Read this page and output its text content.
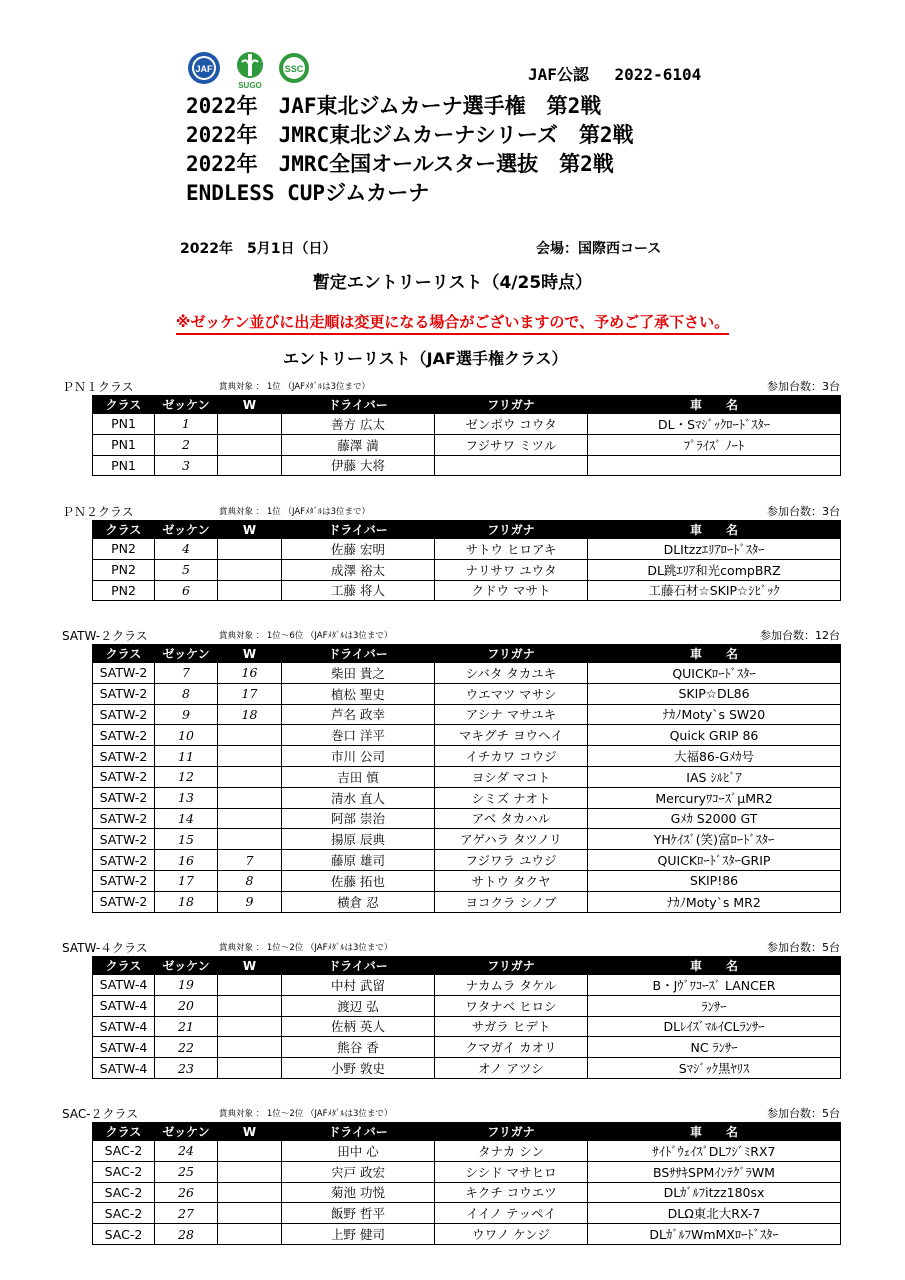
JAF
SUGO
SSC	JAF公認　 2022-6104
2022年　JAF東北ジムカーナ選手権　第2戦
2022年　JMRC東北ジムカーナシリーズ　第2戦
2022年　JMRC全国オールスター選抜　第2戦
ENDLESS CUPジムカーナ
2022年　5月1日（日）	会場：国際西コース
暫定エントリーリスト（4/25時点）
※ゼッケン並びに出走順は変更になる場合がございますので、予めご了承下さい。
エントリーリスト（JAF選手権クラス）
ＰＮ１クラス	賞典対象 ： 1位 （JAFﾒﾀﾞﾙは3位まで）	参加台数：3台
クラス	ゼッケン	W	ドライバー	フリガナ	車　　名
PN1	1		善方 広太	ゼンポウ コウタ	DL・Sﾏｼﾞｯｸﾛｰﾄﾞｽﾀｰ
PN1	2		藤澤 満	フジサワ ミツル	ﾌﾟﾗｲｽﾞ ﾉｰﾄ
PN1	3		伊藤 大将		
ＰＮ２クラス	賞典対象 ： 1位 （JAFﾒﾀﾞﾙは3位まで）	参加台数：3台
クラス	ゼッケン	W	ドライバー	フリガナ	車　　名
PN2	4		佐藤 宏明	サトウ ヒロアキ	DLItzzｴﾘｱﾛｰﾄﾞｽﾀｰ
PN2	5		成澤 裕太	ナリサワ ユウタ	DL跳ｴﾘｱ和光compBRZ
PN2	6		工藤 将人	クドウ マサト	工藤石材☆SKIP☆ｼﾋﾞｯｸ
SATW-２クラス	賞典対象 ： 1位～6位 （JAFﾒﾀﾞﾙは3位まで）	参加台数：12台
クラス	ゼッケン	W	ドライバー	フリガナ	車　　名
SATW-2	7	16	柴田 貴之	シバタ タカユキ	QUICKﾛｰﾄﾞｽﾀｰ
SATW-2	8	17	植松 聖史	ウエマツ マサシ	SKIP☆DL86
SATW-2	9	18	芦名 政幸	アシナ マサユキ	ﾅｶﾉMoty`s SW20
SATW-2	10		巻口 洋平	マキグチ ヨウヘイ	Quick GRIP 86
SATW-2	11		市川 公司	イチカワ コウジ	大福86-Gﾒｶ号
SATW-2	12		吉田 慎	ヨシダ マコト	IAS ｼﾙﾋﾞｱ
SATW-2	13		清水 直人	シミズ ナオト	MercuryﾜｺｰｽﾞμMR2
SATW-2	14		阿部 崇治	アベ タカハル	Gﾒｶ S2000 GT
SATW-2	15		揚原 辰典	アゲハラ タツノリ	YHｹｲｽﾞ(笑)富ﾛｰﾄﾞｽﾀｰ
SATW-2	16	7	藤原 雄司	フジワラ ユウジ	QUICKﾛｰﾄﾞｽﾀｰGRIP
SATW-2	17	8	佐藤 拓也	サトウ タクヤ	SKIP!86
SATW-2	18	9	横倉 忍	ヨコクラ シノブ	ﾅｶﾉMoty`s MR2
SATW-４クラス	賞典対象 ： 1位～2位 （JAFﾒﾀﾞﾙは3位まで）	参加台数：5台
クラス	ゼッケン	W	ドライバー	フリガナ	車　　名
SATW-4	19		中村 武留	ナカムラ タケル	B・Jｳﾞﾜｺｰｽﾞ LANCER
SATW-4	20		渡辺 弘	ワタナベ ヒロシ	ﾗﾝｻｰ
SATW-4	21		佐柄 英人	サガラ ヒデト	DLﾚｲｽﾞﾏﾙｲCLﾗﾝｻｰ
SATW-4	22		熊谷 香	クマガイ カオリ	NC ﾗﾝｻｰ
SATW-4	23		小野 敦史	オノ アツシ	Sﾏｼﾞｯｸ黒ﾔﾘｽ
SAC-２クラス	賞典対象 ： 1位～2位 （JAFﾒﾀﾞﾙは3位まで）	参加台数：5台
クラス	ゼッケン	W	ドライバー	フリガナ	車　　名
SAC-2	24		田中 心	タナカ シン	ｻｲﾄﾞｳｪｲｽﾞDLﾌｼﾞﾐRX7
SAC-2	25		宍戸 政宏	シシド マサヒロ	BSｻｻｷSPMｲﾝﾃｸﾞﾗWM
SAC-2	26		菊池 功悦	キクチ コウエツ	DLｶﾞﾙﾌitzz180sx
SAC-2	27		飯野 哲平	イイノ テッペイ	DLΩ東北大RX-7
SAC-2	28		上野 健司	ウワノ ケンジ	DLｶﾞﾙﾌWmMXﾛｰﾄﾞｽﾀｰ
